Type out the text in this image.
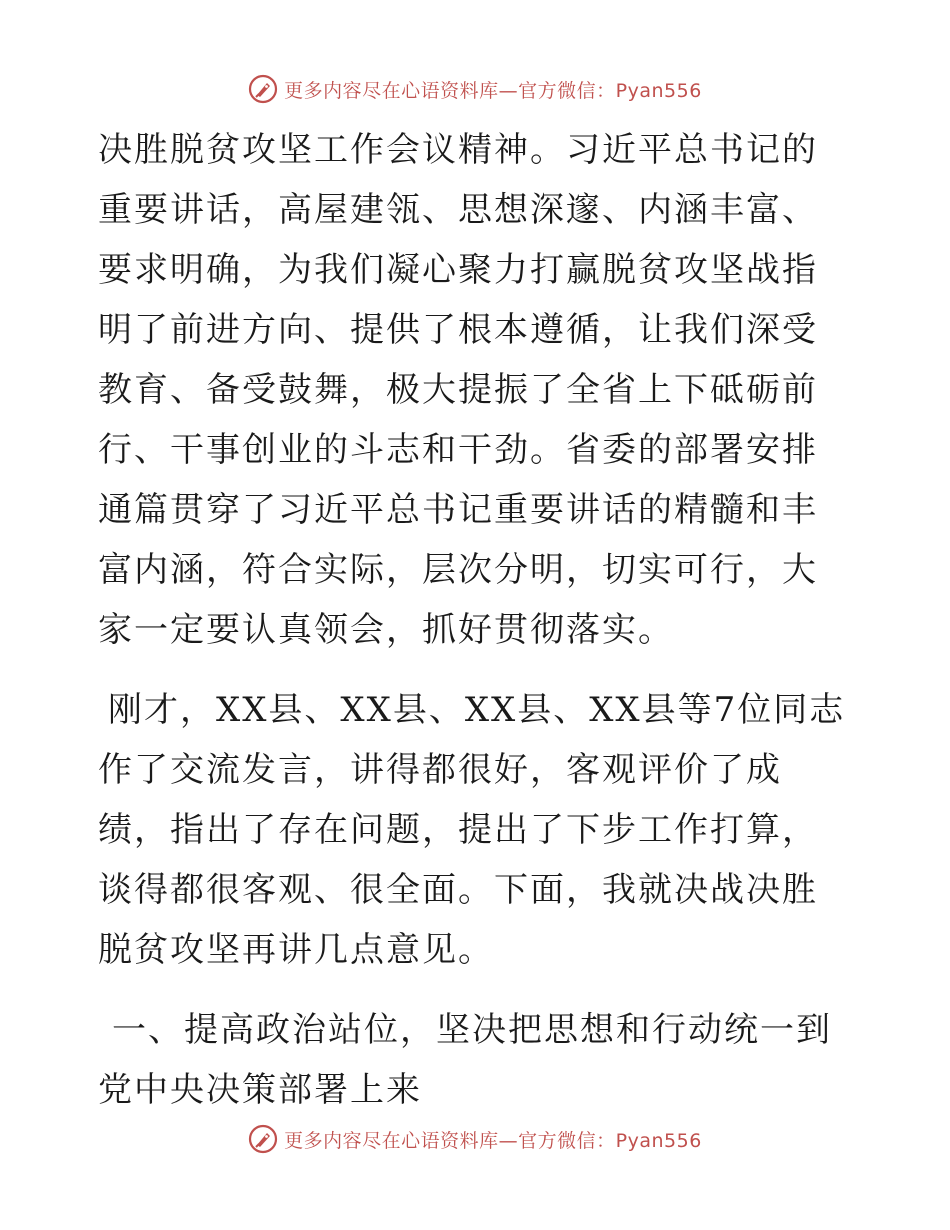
更多内容尽在心语资料库—官方微信：Pyan556

决胜脱贫攻坚工作会议精神。习近平总书记的重要讲话，高屋建瓴、思想深邃、内涵丰富、要求明确，为我们凝心聚力打赢脱贫攻坚战指明了前进方向、提供了根本遵循，让我们深受教育、备受鼓舞，极大提振了全省上下砥砺前行、干事创业的斗志和干劲。省委的部署安排通篇贯穿了习近平总书记重要讲话的精髓和丰富内涵，符合实际，层次分明，切实可行，大家一定要认真领会，抓好贯彻落实。

刚才，XX县、XX县、XX县、XX县等7位同志作了交流发言，讲得都很好，客观评价了成绩，指出了存在问题，提出了下步工作打算，谈得都很客观、很全面。下面，我就决战决胜脱贫攻坚再讲几点意见。

一、提高政治站位，坚决把思想和行动统一到党中央决策部署上来

更多内容尽在心语资料库—官方微信：Pyan556
